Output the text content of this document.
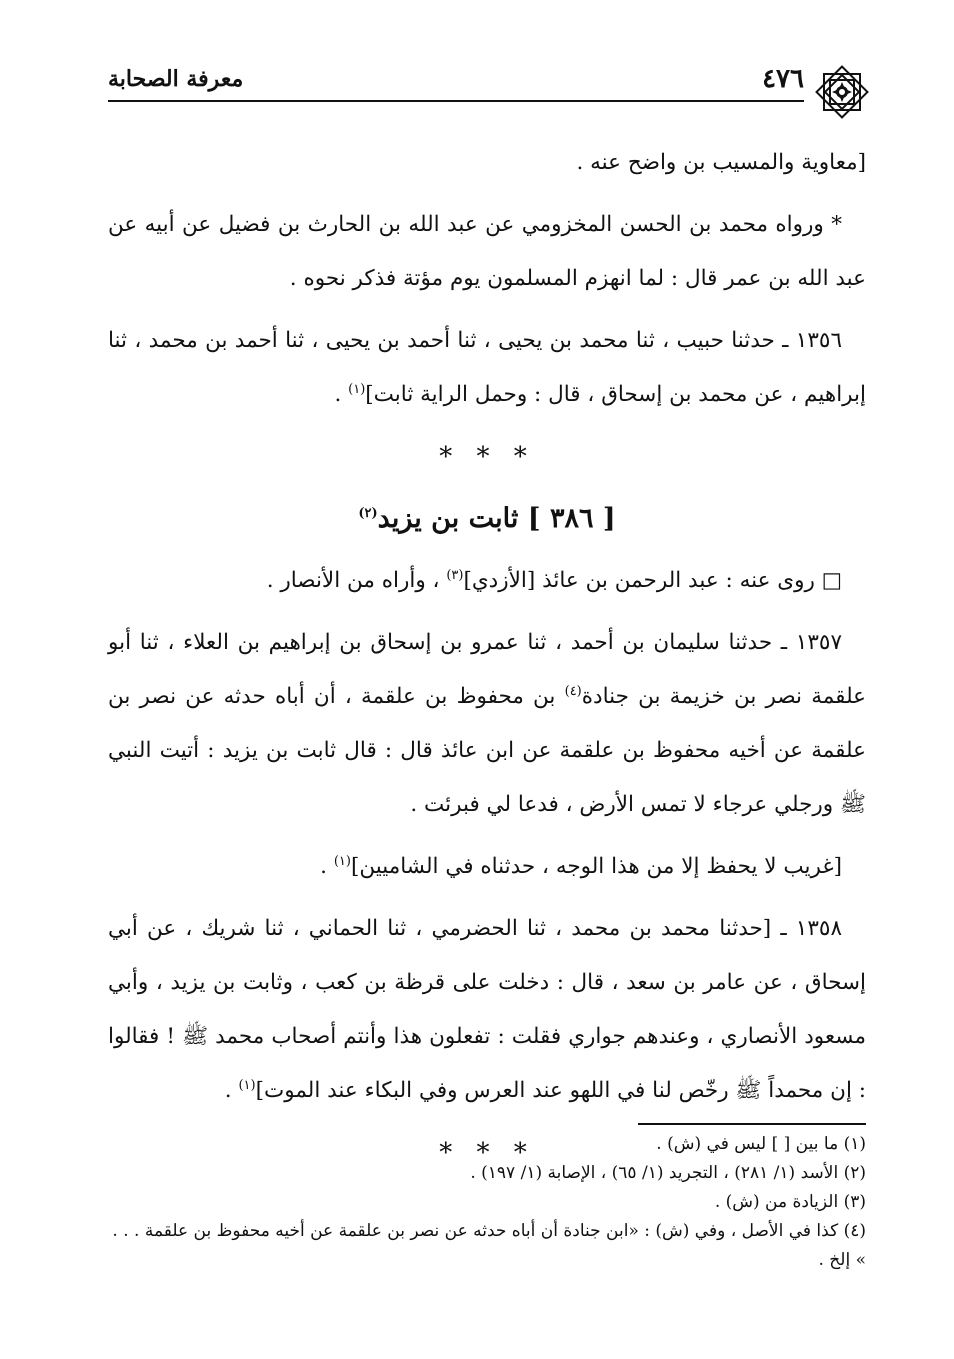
٤٧٦
معرفة الصحابة

[معاوية والمسيب بن واضح عنه .

* ورواه محمد بن الحسن المخزومي عن عبد الله بن الحارث بن فضيل عن أبيه عن عبد الله بن عمر قال : لما انهزم المسلمون يوم مؤتة فذكر نحوه .

١٣٥٦ ـ حدثنا حبيب ، ثنا محمد بن يحيى ، ثنا أحمد بن يحيى ، ثنا أحمد بن محمد ، ثنا إبراهيم ، عن محمد بن إسحاق ، قال : وحمل الراية ثابت]$^{(١)}$ .

* * *
[ ٣٨٦ ] ثابت بن يزيد$^{(٢)}$

□ روى عنه : عبد الرحمن بن عائذ [الأزدي]$^{(٣)}$ ، وأراه من الأنصار .

١٣٥٧ ـ حدثنا سليمان بن أحمد ، ثنا عمرو بن إسحاق بن إبراهيم بن العلاء ، ثنا أبو علقمة نصر بن خزيمة بن جنادة$^{(٤)}$ بن محفوظ بن علقمة ، أن أباه حدثه عن نصر بن علقمة عن أخيه محفوظ بن علقمة عن ابن عائذ قال : قال ثابت بن يزيد : أتيت النبي ﷺ ورجلي عرجاء لا تمس الأرض ، فدعا لي فبرئت .

[غريب لا يحفظ إلا من هذا الوجه ، حدثناه في الشاميين]$^{(١)}$ .

١٣٥٨ ـ [حدثنا محمد بن محمد ، ثنا الحضرمي ، ثنا الحماني ، ثنا شريك ، عن أبي إسحاق ، عن عامر بن سعد ، قال : دخلت على قرظة بن كعب ، وثابت بن يزيد ، وأبي مسعود الأنصاري ، وعندهم جواري فقلت : تفعلون هذا وأنتم أصحاب محمد ﷺ ! فقالوا : إن محمداً ﷺ رخّص لنا في اللهو عند العرس وفي البكاء عند الموت]$^{(١)}$ .

* * *	(١) ما بين [ ] ليس في (ش) .

(٢) الأسد (١/ ٢٨١) ، التجريد (١/ ٦٥) ، الإصابة (١/ ١٩٧) .

(٣) الزيادة من (ش) .

(٤) كذا في الأصل ، وفي (ش) : «ابن جنادة أن أباه حدثه عن نصر بن علقمة عن أخيه محفوظ بن علقمة . . . » إلخ .
